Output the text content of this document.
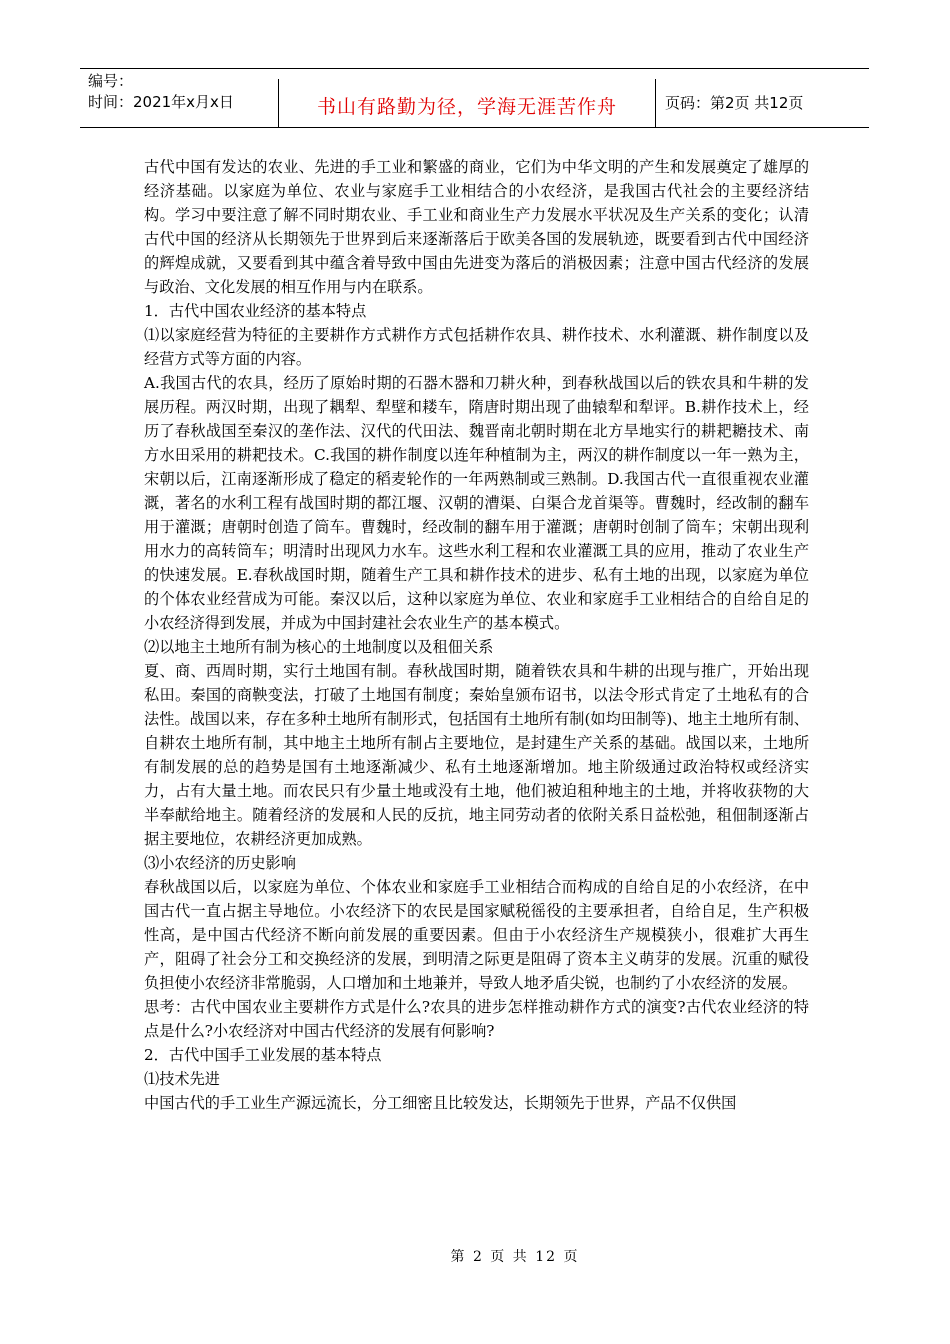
编号：
时间：2021年x月x日	书山有路勤为径，学海无涯苦作舟	页码：第2页 共12页

古代中国有发达的农业、先进的手工业和繁盛的商业，它们为中华文明的产生和发展奠定了雄厚的经济基础。以家庭为单位、农业与家庭手工业相结合的小农经济，是我国古代社会的主要经济结构。学习中要注意了解不同时期农业、手工业和商业生产力发展水平状况及生产关系的变化；认清古代中国的经济从长期领先于世界到后来逐渐落后于欧美各国的发展轨迹，既要看到古代中国经济的辉煌成就，又要看到其中蕴含着导致中国由先进变为落后的消极因素；注意中国古代经济的发展与政治、文化发展的相互作用与内在联系。

1．古代中国农业经济的基本特点

⑴以家庭经营为特征的主要耕作方式耕作方式包括耕作农具、耕作技术、水利灌溉、耕作制度以及经营方式等方面的内容。

A.我国古代的农具，经历了原始时期的石器木器和刀耕火种，到春秋战国以后的铁农具和牛耕的发展历程。两汉时期，出现了耦犁、犁壁和耧车，隋唐时期出现了曲辕犁和犁评。B.耕作技术上，经历了春秋战国至秦汉的垄作法、汉代的代田法、魏晋南北朝时期在北方旱地实行的耕耙耱技术、南方水田采用的耕耙技术。C.我国的耕作制度以连年种植制为主，两汉的耕作制度以一年一熟为主，宋朝以后，江南逐渐形成了稳定的稻麦轮作的一年两熟制或三熟制。D.我国古代一直很重视农业灌溉，著名的水利工程有战国时期的都江堰、汉朝的漕渠、白渠合龙首渠等。曹魏时，经改制的翻车用于灌溉；唐朝时创造了筒车。曹魏时，经改制的翻车用于灌溉；唐朝时创制了筒车；宋朝出现利用水力的高转筒车；明清时出现风力水车。这些水利工程和农业灌溉工具的应用，推动了农业生产的快速发展。E.春秋战国时期，随着生产工具和耕作技术的进步、私有土地的出现，以家庭为单位的个体农业经营成为可能。秦汉以后，这种以家庭为单位、农业和家庭手工业相结合的自给自足的小农经济得到发展，并成为中国封建社会农业生产的基本模式。

⑵以地主土地所有制为核心的土地制度以及租佃关系

夏、商、西周时期，实行土地国有制。春秋战国时期，随着铁农具和牛耕的出现与推广，开始出现私田。秦国的商鞅变法，打破了土地国有制度；秦始皇颁布诏书，以法令形式肯定了土地私有的合法性。战国以来，存在多种土地所有制形式，包括国有土地所有制(如均田制等)、地主土地所有制、自耕农土地所有制，其中地主土地所有制占主要地位，是封建生产关系的基础。战国以来，土地所有制发展的总的趋势是国有土地逐渐减少、私有土地逐渐增加。地主阶级通过政治特权或经济实力，占有大量土地。而农民只有少量土地或没有土地，他们被迫租种地主的土地，并将收获物的大半奉献给地主。随着经济的发展和人民的反抗，地主同劳动者的依附关系日益松弛，租佃制逐渐占据主要地位，农耕经济更加成熟。

⑶小农经济的历史影响

春秋战国以后，以家庭为单位、个体农业和家庭手工业相结合而构成的自给自足的小农经济，在中国古代一直占据主导地位。小农经济下的农民是国家赋税徭役的主要承担者，自给自足，生产积极性高，是中国古代经济不断向前发展的重要因素。但由于小农经济生产规模狭小，很难扩大再生产，阻碍了社会分工和交换经济的发展，到明清之际更是阻碍了资本主义萌芽的发展。沉重的赋役负担使小农经济非常脆弱，人口增加和土地兼并，导致人地矛盾尖锐，也制约了小农经济的发展。

思考：古代中国农业主要耕作方式是什么?农具的进步怎样推动耕作方式的演变?古代农业经济的特点是什么?小农经济对中国古代经济的发展有何影响?

2．古代中国手工业发展的基本特点

⑴技术先进

中国古代的手工业生产源远流长，分工细密且比较发达，长期领先于世界，产品不仅供国

第 2 页 共 12 页
